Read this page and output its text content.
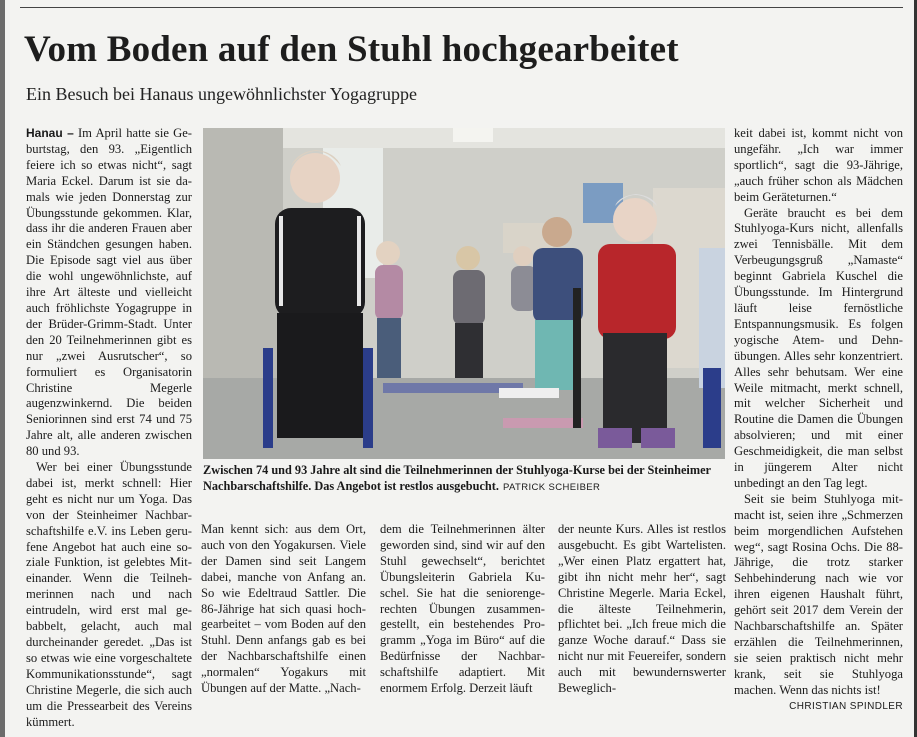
Vom Boden auf den Stuhl hochgearbeitet

Ein Besuch bei Hanaus ungewöhnlichster Yogagruppe

Hanau – Im April hatte sie Geburtstag, den 93. „Eigentlich feiere ich so etwas nicht“, sagt Maria Eckel. Darum ist sie damals wie jeden Donnerstag zur Übungsstunde gekommen. Klar, dass ihr die anderen Frauen aber ein Ständchen gesungen haben. Die Episode sagt viel aus über die wohl ungewöhnlichste, auf ihre Art älteste und vielleicht auch fröhlichste Yogagruppe in der Brüder-Grimm-Stadt. Unter den 20 Teilnehmerinnen gibt es nur „zwei Ausrutscher“, so formuliert es Organisatorin Christine Megerle augenzwinkernd. Die beiden Seniorinnen sind erst 74 und 75 Jahre alt, alle anderen zwischen 80 und 93.

Wer bei einer Übungsstunde dabei ist, merkt schnell: Hier geht es nicht nur um Yoga. Das von der Steinheimer Nachbarschaftshilfe e.V. ins Leben gerufene Angebot hat auch eine soziale Funktion, ist gelebtes Miteinander. Wenn die Teilnehmerinnen nach und nach eintrudeln, wird erst mal gebabbelt, gelacht, auch mal durcheinander geredet. „Das ist so etwas wie eine vorgeschaltete Kommunikationsstunde“, sagt Christine Megerle, die sich auch um die Pressearbeit des Vereins kümmert.

Zwischen 74 und 93 Jahre alt sind die Teilnehmerinnen der Stuhlyoga-Kurse bei der Steinheimer Nachbarschaftshilfe. Das Angebot ist restlos ausgebucht. PATRICK SCHEIBER

Man kennt sich: aus dem Ort, auch von den Yogakursen. Viele der Damen sind seit Langem dabei, manche von Anfang an. So wie Edeltraud Sattler. Die 86-Jährige hat sich quasi hochgearbeitet – vom Boden auf den Stuhl. Denn anfangs gab es bei der Nachbarschaftshilfe einen „normalen“ Yogakurs mit Übungen auf der Matte. „Nach-

dem die Teilnehmerinnen älter geworden sind, sind wir auf den Stuhl gewechselt“, berichtet Übungsleiterin Gabriela Kuschel. Sie hat die seniorengerechten Übungen zusammengestellt, ein bestehendes Programm „Yoga im Büro“ auf die Bedürfnisse der Nachbarschaftshilfe adaptiert. Mit enormem Erfolg. Derzeit läuft

der neunte Kurs. Alles ist restlos ausgebucht. Es gibt Wartelisten. „Wer einen Platz ergattert hat, gibt ihn nicht mehr her“, sagt Christine Megerle. Maria Eckel, die älteste Teilnehmerin, pflichtet bei. „Ich freue mich die ganze Woche darauf.“ Dass sie nicht nur mit Feuereifer, sondern auch mit bewundernswerter Beweglich-

keit dabei ist, kommt nicht von ungefähr. „Ich war immer sportlich“, sagt die 93-Jährige, „auch früher schon als Mädchen beim Geräteturnen.“

Geräte braucht es bei dem Stuhlyoga-Kurs nicht, allenfalls zwei Tennisbälle. Mit dem Verbeugungsgruß „Namaste“ beginnt Gabriela Kuschel die Übungsstunde. Im Hintergrund läuft leise fernöstliche Entspannungsmusik. Es folgen yogische Atem- und Dehnübungen. Alles sehr konzentriert. Alles sehr behutsam. Wer eine Weile mitmacht, merkt schnell, mit welcher Sicherheit und Routine die Damen die Übungen absolvieren; und mit einer Geschmeidigkeit, die man selbst in jüngerem Alter nicht unbedingt an den Tag legt.

Seit sie beim Stuhlyoga mitmacht ist, seien ihre „Schmerzen beim morgendlichen Aufstehen weg“, sagt Rosina Ochs. Die 88-Jährige, die trotz starker Sehbehinderung nach wie vor ihren eigenen Haushalt führt, gehört seit 2017 dem Verein der Nachbarschaftshilfe an. Später erzählen die Teilnehmerinnen, sie seien praktisch nicht mehr krank, seit sie Stuhlyoga machen. Wenn das nichts ist!

CHRISTIAN SPINDLER
